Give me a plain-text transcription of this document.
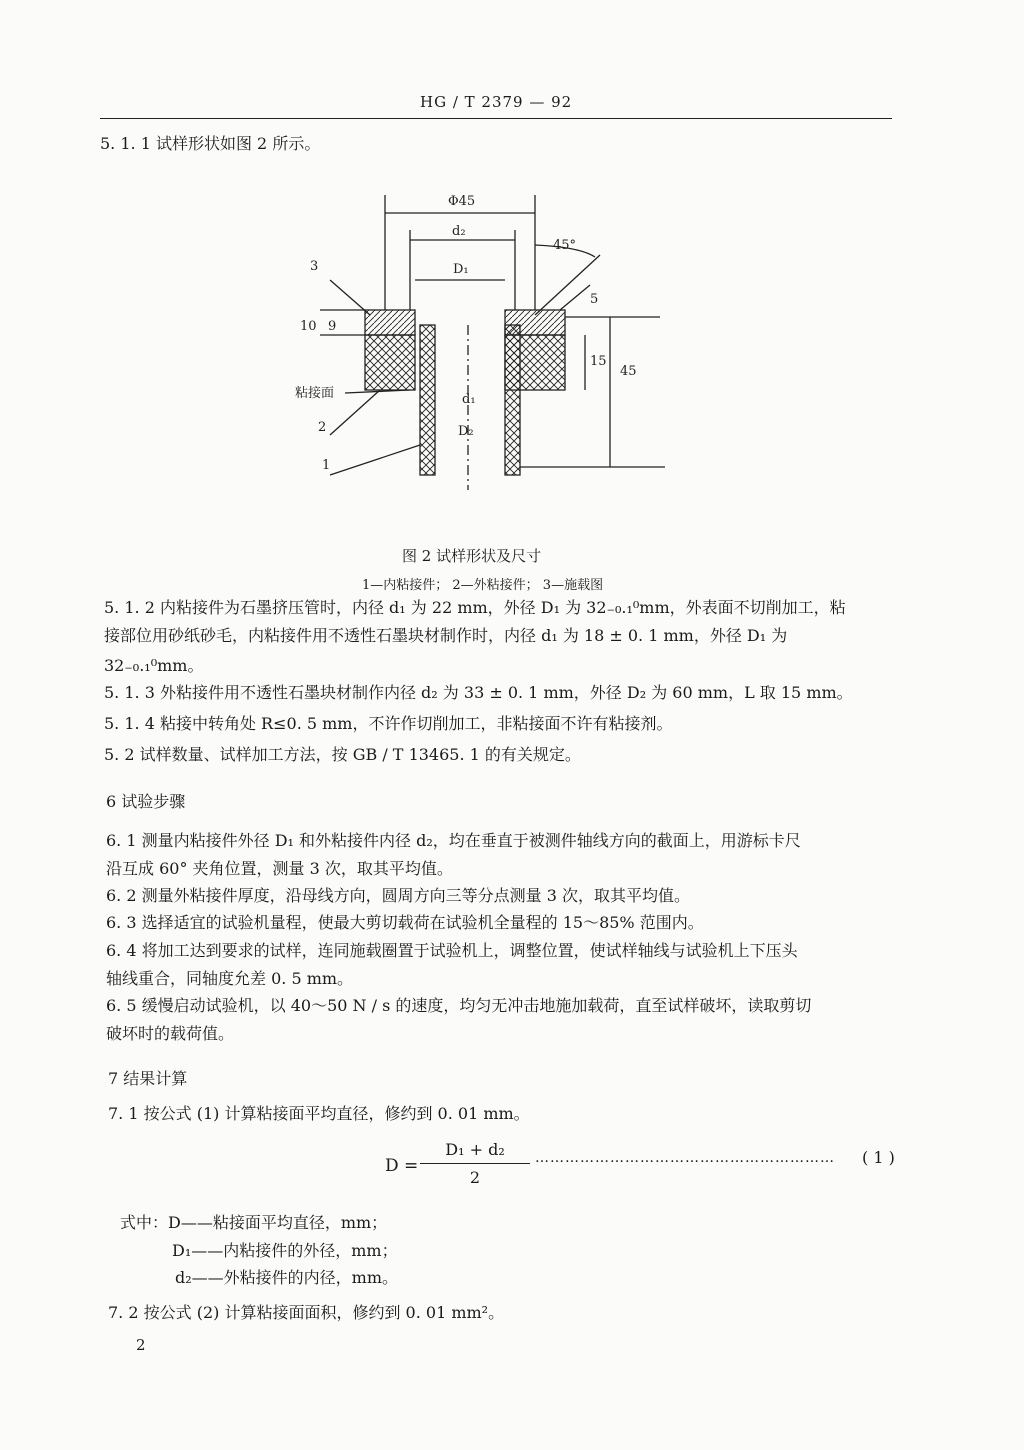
HG / T 2379 — 92
5. 1. 1 试样形状如图 2 所示。
Φ45
d₂
D₁
45°
3
10 9
5
15
45
粘接面
2
1
d₁
D₂
图 2 试样形状及尺寸
1—内粘接件； 2—外粘接件； 3—施载图
5. 1. 2 内粘接件为石墨挤压管时，内径 d₁ 为 22 mm，外径 D₁ 为 32₋₀.₁⁰mm，外表面不切削加工，粘
接部位用砂纸砂毛，内粘接件用不透性石墨块材制作时，内径 d₁ 为 18 ± 0. 1 mm，外径 D₁ 为
32₋₀.₁⁰mm。
5. 1. 3 外粘接件用不透性石墨块材制作内径 d₂ 为 33 ± 0. 1 mm，外径 D₂ 为 60 mm，L 取 15 mm。
5. 1. 4 粘接中转角处 R≤0. 5 mm，不许作切削加工，非粘接面不许有粘接剂。
5. 2 试样数量、试样加工方法，按 GB / T 13465. 1 的有关规定。
6 试验步骤
6. 1 测量内粘接件外径 D₁ 和外粘接件内径 d₂，均在垂直于被测件轴线方向的截面上，用游标卡尺
沿互成 60° 夹角位置，测量 3 次，取其平均值。
6. 2 测量外粘接件厚度，沿母线方向，圆周方向三等分点测量 3 次，取其平均值。
6. 3 选择适宜的试验机量程，使最大剪切载荷在试验机全量程的 15～85% 范围内。
6. 4 将加工达到要求的试样，连同施载圈置于试验机上，调整位置，使试样轴线与试验机上下压头
轴线重合，同轴度允差 0. 5 mm。
6. 5 缓慢启动试验机，以 40～50 N / s 的速度，均匀无冲击地施加载荷，直至试样破坏，读取剪切
破坏时的载荷值。
7 结果计算
7. 1 按公式 (1) 计算粘接面平均直径，修约到 0. 01 mm。
$D = \frac{\text{D₁ + d₂}}{2}$ …………………………………………………… ( 1 )
式中：D——粘接面平均直径，mm；
D₁——内粘接件的外径，mm；
d₂——外粘接件的内径，mm。
7. 2 按公式 (2) 计算粘接面面积，修约到 0. 01 mm²。
2
